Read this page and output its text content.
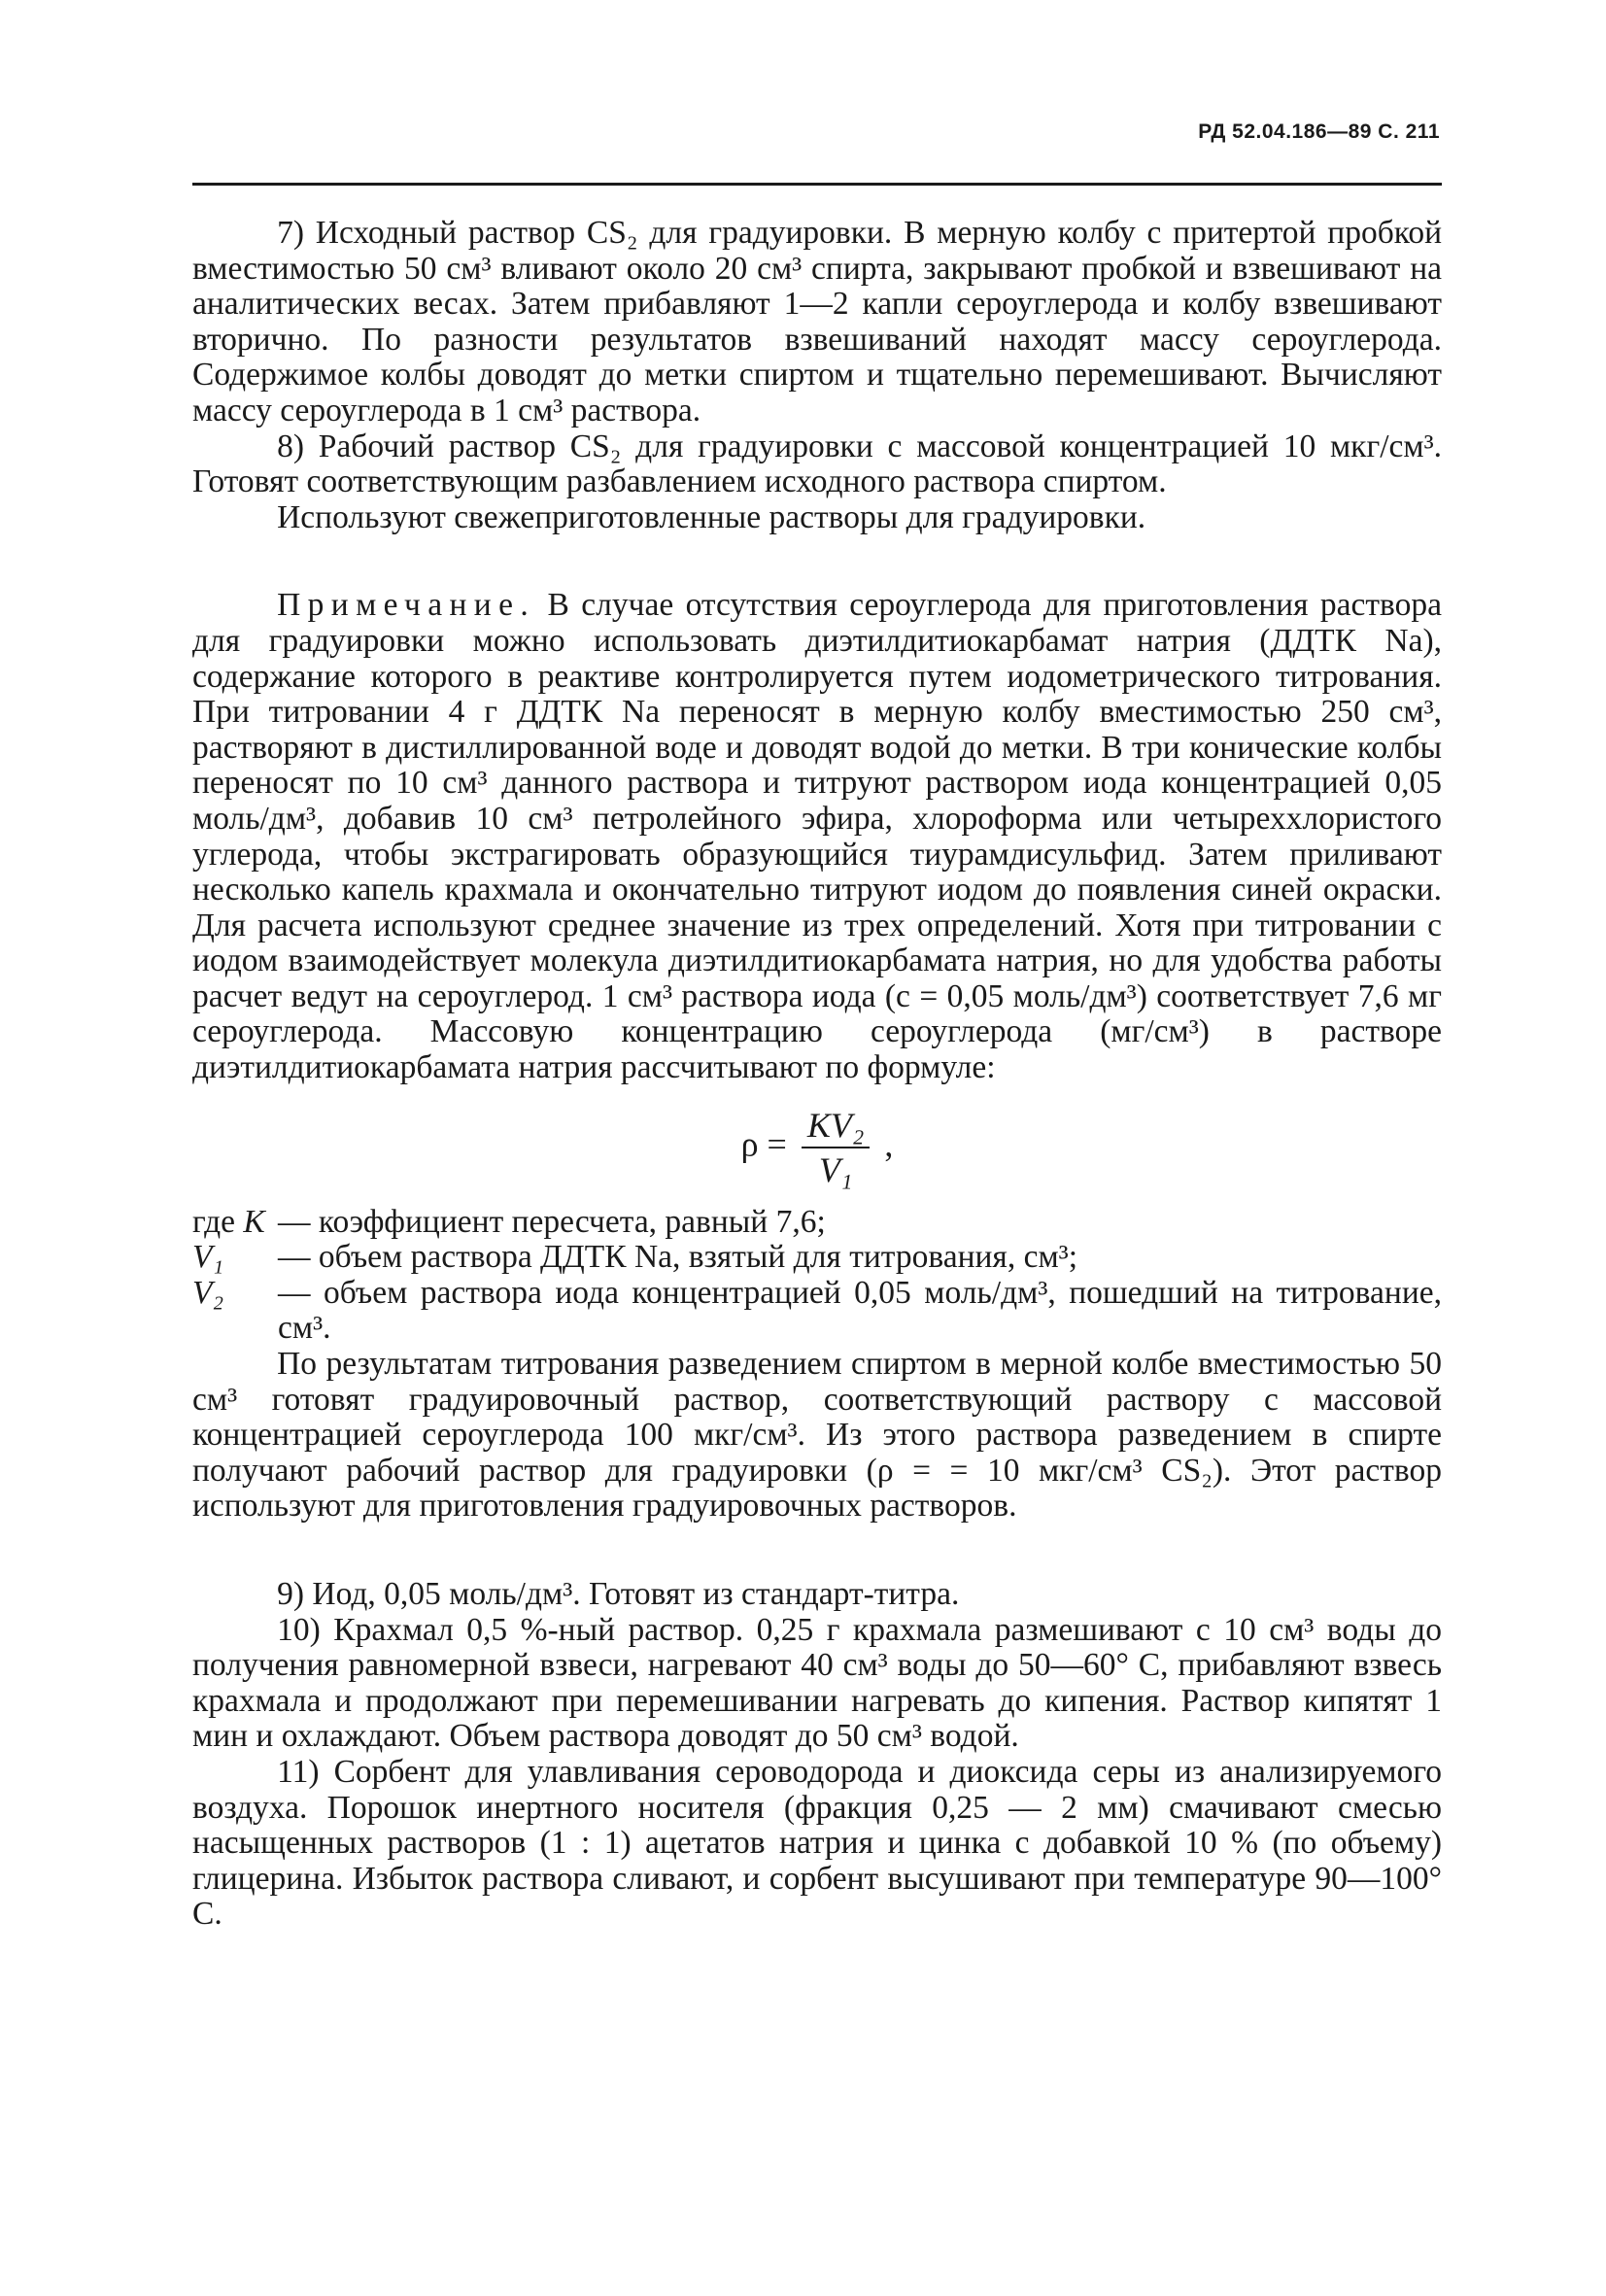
РД 52.04.186—89 С. 211

7) Исходный раствор CS₂ для градуировки. В мерную колбу с притертой пробкой вместимостью 50 см³ вливают около 20 см³ спирта, закрывают пробкой и взвешивают на аналитических весах. Затем прибавляют 1—2 капли сероуглерода и колбу взвешивают вторично. По разности результатов взвешиваний находят массу сероуглерода. Содержимое колбы доводят до метки спиртом и тщательно перемешивают. Вычисляют массу сероуглерода в 1 см³ раствора.

8) Рабочий раствор CS₂ для градуировки с массовой концентрацией 10 мкг/см³. Готовят соответствующим разбавлением исходного раствора спиртом.

Используют свежеприготовленные растворы для градуировки.

Примечание. В случае отсутствия сероуглерода для приготовления раствора для градуировки можно использовать диэтилдитиокарбамат натрия (ДДТК Na), содержание которого в реактиве контролируется путем иодометрического титрования. При титровании 4 г ДДТК Na переносят в мерную колбу вместимостью 250 см³, растворяют в дистиллированной воде и доводят водой до метки. В три конические колбы переносят по 10 см³ данного раствора и титруют раствором иода концентрацией 0,05 моль/дм³, добавив 10 см³ петролейного эфира, хлороформа или четыреххлористого углерода, чтобы экстрагировать образующийся тиурамдисульфид. Затем приливают несколько капель крахмала и окончательно титруют иодом до появления синей окраски. Для расчета используют среднее значение из трех определений. Хотя при титровании с иодом взаимодействует молекула диэтилдитиокарбамата натрия, но для удобства работы расчет ведут на сероуглерод. 1 см³ раствора иода (c = 0,05 моль/дм³) соответствует 7,6 мг сероуглерода. Массовую концентрацию сероуглерода (мг/см³) в растворе диэтилдитиокарбамата натрия рассчитывают по формуле:

$\rho = \frac{\text{KV₂}}{\text{V₁}}$ ,
где K — коэффициент пересчета, равный 7,6;
V₁	— объем раствора ДДТК Na, взятый для титрования, см³;
V₂	— объем раствора иода концентрацией 0,05 моль/дм³, пошедший на титрование, см³.

По результатам титрования разведением спиртом в мерной колбе вместимостью 50 см³ готовят градуировочный раствор, соответствующий раствору с массовой концентрацией сероуглерода 100 мкг/см³. Из этого раствора разведением в спирте получают рабочий раствор для градуировки (ρ = = 10 мкг/см³ CS₂). Этот раствор используют для приготовления градуировочных растворов.

9) Иод, 0,05 моль/дм³. Готовят из стандарт-титра.

10) Крахмал 0,5 %-ный раствор. 0,25 г крахмала размешивают с 10 см³ воды до получения равномерной взвеси, нагревают 40 см³ воды до 50—60° С, прибавляют взвесь крахмала и продолжают при перемешивании нагревать до кипения. Раствор кипятят 1 мин и охлаждают. Объем раствора доводят до 50 см³ водой.

11) Сорбент для улавливания сероводорода и диоксида серы из анализируемого воздуха. Порошок инертного носителя (фракция 0,25 — 2 мм) смачивают смесью насыщенных растворов (1 : 1) ацетатов натрия и цинка с добавкой 10 % (по объему) глицерина. Избыток раствора сливают, и сорбент высушивают при температуре 90—100° С.
